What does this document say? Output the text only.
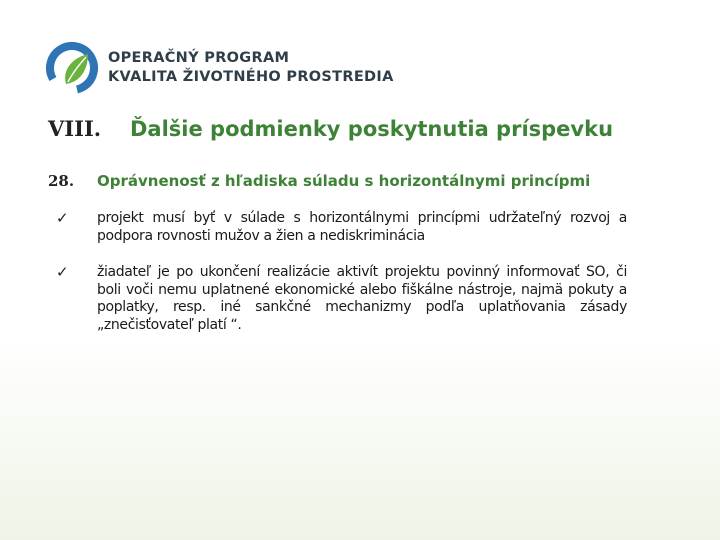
OPERAČNÝ PROGRAM
KVALITA ŽIVOTNÉHO PROSTREDIA
VIII. Ďalšie podmienky poskytnutia príspevku
28. Oprávnenosť z hľadiska súladu s horizontálnymi princípmi
✓	projekt musí byť v súlade s horizontálnymi princípmi udržateľný rozvoj a podpora rovnosti mužov a žien a nediskriminácia
✓	žiadateľ je po ukončení realizácie aktivít projektu povinný informovať SO, či boli voči nemu uplatnené ekonomické alebo fiškálne nástroje, najmä pokuty a poplatky, resp. iné sankčné mechanizmy podľa uplatňovania zásady „znečisťovateľ platí “.
